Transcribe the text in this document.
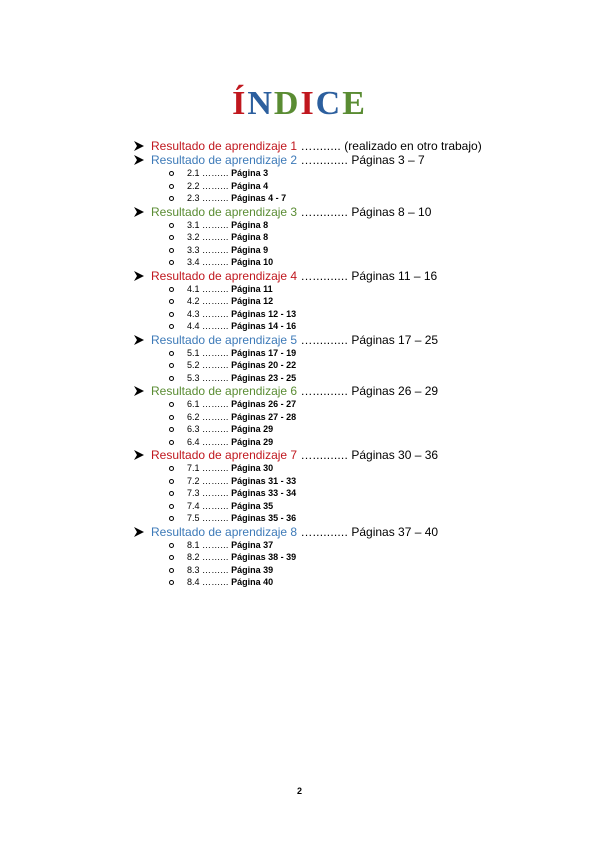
ÍNDICE
Resultado de aprendizaje 1 …........ (realizado en otro trabajo)
Resultado de aprendizaje 2 ….......... Páginas 3 – 7
2.1 ……... Página 3
2.2 ……... Página 4
2.3 ……... Páginas 4 - 7
Resultado de aprendizaje 3 ….......... Páginas 8 – 10
3.1 ……... Página 8
3.2 ……... Página 8
3.3 ……... Página 9
3.4 ……... Página 10
Resultado de aprendizaje 4 ….......... Páginas 11 – 16
4.1 ……... Página 11
4.2 ……... Página 12
4.3 ……... Páginas 12 - 13
4.4 ……... Páginas 14 - 16
Resultado de aprendizaje 5 ….......... Páginas 17 – 25
5.1 ……... Páginas 17 - 19
5.2 ……... Páginas 20 - 22
5.3 ……... Páginas 23 - 25
Resultado de aprendizaje 6 ….......... Páginas 26 – 29
6.1 ……... Páginas 26 - 27
6.2 ……... Páginas 27 - 28
6.3 ……... Página 29
6.4 ……... Página 29
Resultado de aprendizaje 7 ….......... Páginas 30 – 36
7.1 ……... Página 30
7.2 ……... Páginas 31 - 33
7.3 ……... Páginas 33 - 34
7.4 ……... Página 35
7.5 ……... Páginas 35 - 36
Resultado de aprendizaje 8 ….......... Páginas 37 – 40
8.1 ……... Página 37
8.2 ……... Páginas 38 - 39
8.3 ……... Página 39
8.4 ……... Página 40
2
